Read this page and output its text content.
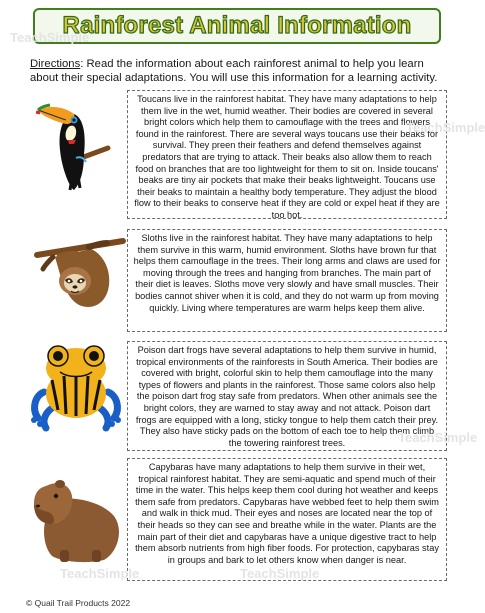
Rainforest Animal Information

Directions: Read the information about each rainforest animal to help you learn about their special adaptations. You will use this information for a learning activity.

Toucans live in the rainforest habitat. They have many adaptations to help them live in the wet, humid weather. Their bodies are covered in several bright colors which help them to camouflage with the trees and flowers found in the rainforest. There are several ways toucans use their beaks for survival. They preen their feathers and defend themselves against predators that are trying to attack. Their beaks also allow them to reach food on branches that are too lightweight for them to sit on. Inside toucans' beaks are tiny air pockets that make their beaks lightweight. Toucans use their beaks to maintain a healthy body temperature. They adjust the blood flow to their beaks to conserve heat if they are cold or expel heat if they are too hot.
Sloths live in the rainforest habitat. They have many adaptations to help them survive in this warm, humid environment. Sloths have brown fur that helps them camouflage in the trees. Their long arms and claws are used for moving through the trees and hanging from branches. The main part of their diet is leaves. Sloths move very slowly and have small muscles. Their bodies cannot shiver when it is cold, and they do not warm up from moving quickly. Living where temperatures are warm helps keep them alive.
Poison dart frogs have several adaptations to help them survive in humid, tropical environments of the rainforests in South America. Their bodies are covered with bright, colorful skin to help them camouflage into the many types of flowers and plants in the rainforest. Those same colors also help the poison dart frog stay safe from predators. When other animals see the bright colors, they are warned to stay away and not attack. Poison dart frogs are equipped with a long, sticky tongue to help them catch their prey. They also have sticky pads on the bottom of each toe to help them climb the towering rainforest trees.
Capybaras have many adaptations to help them survive in their wet, tropical rainforest habitat. They are semi-aquatic and spend much of their time in the water. This helps keep them cool during hot weather and keeps them safe from predators. Capybaras have webbed feet to help them swim and walk in thick mud. Their eyes and noses are located near the top of their heads so they can see and breathe while in the water. Plants are the main part of their diet and capybaras have a unique digestive tract to help them absorb nutrients from high fiber foods. For protection, capybaras stay in groups and bark to let others know when danger is near.
TeachSimple
TeachSimple
TeachSimple
TeachSimple
TeachSimple
© Quail Trail Products 2022
